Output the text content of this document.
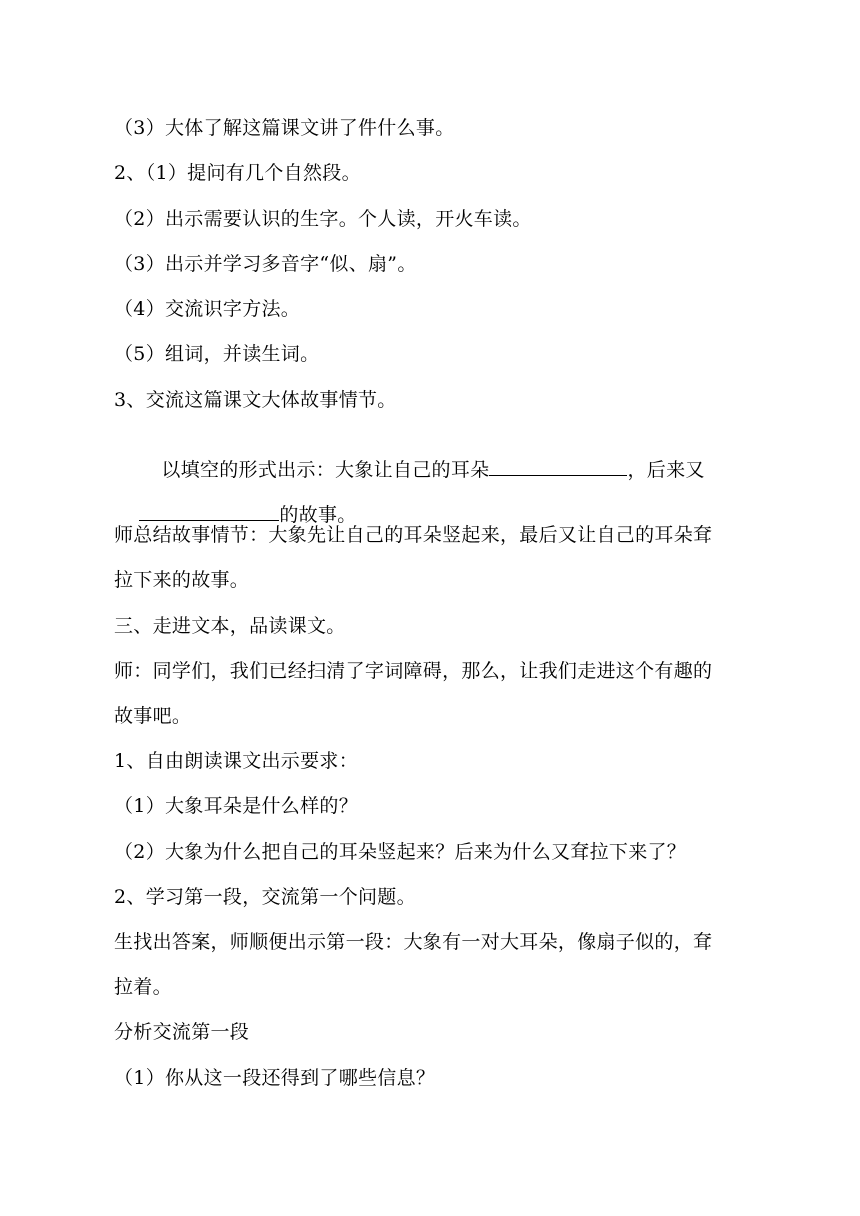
（3）大体了解这篇课文讲了件什么事。
2、（1）提问有几个自然段。
（2）出示需要认识的生字。个人读，开火车读。
（3）出示并学习多音字“似、扇”。
（4）交流识字方法。
（5）组词，并读生词。
3、交流这篇课文大体故事情节。

以填空的形式出示：大象让自己的耳朵	，后来又

的故事。

师总结故事情节：大象先让自己的耳朵竖起来，最后又让自己的耳朵耷
拉下来的故事。
三、走进文本，品读课文。
师：同学们，我们已经扫清了字词障碍，那么，让我们走进这个有趣的
故事吧。
1、自由朗读课文出示要求：
（1）大象耳朵是什么样的？
（2）大象为什么把自己的耳朵竖起来？后来为什么又耷拉下来了？
2、学习第一段，交流第一个问题。
生找出答案，师顺便出示第一段：大象有一对大耳朵，像扇子似的，耷
拉着。
分析交流第一段
（1）你从这一段还得到了哪些信息？
